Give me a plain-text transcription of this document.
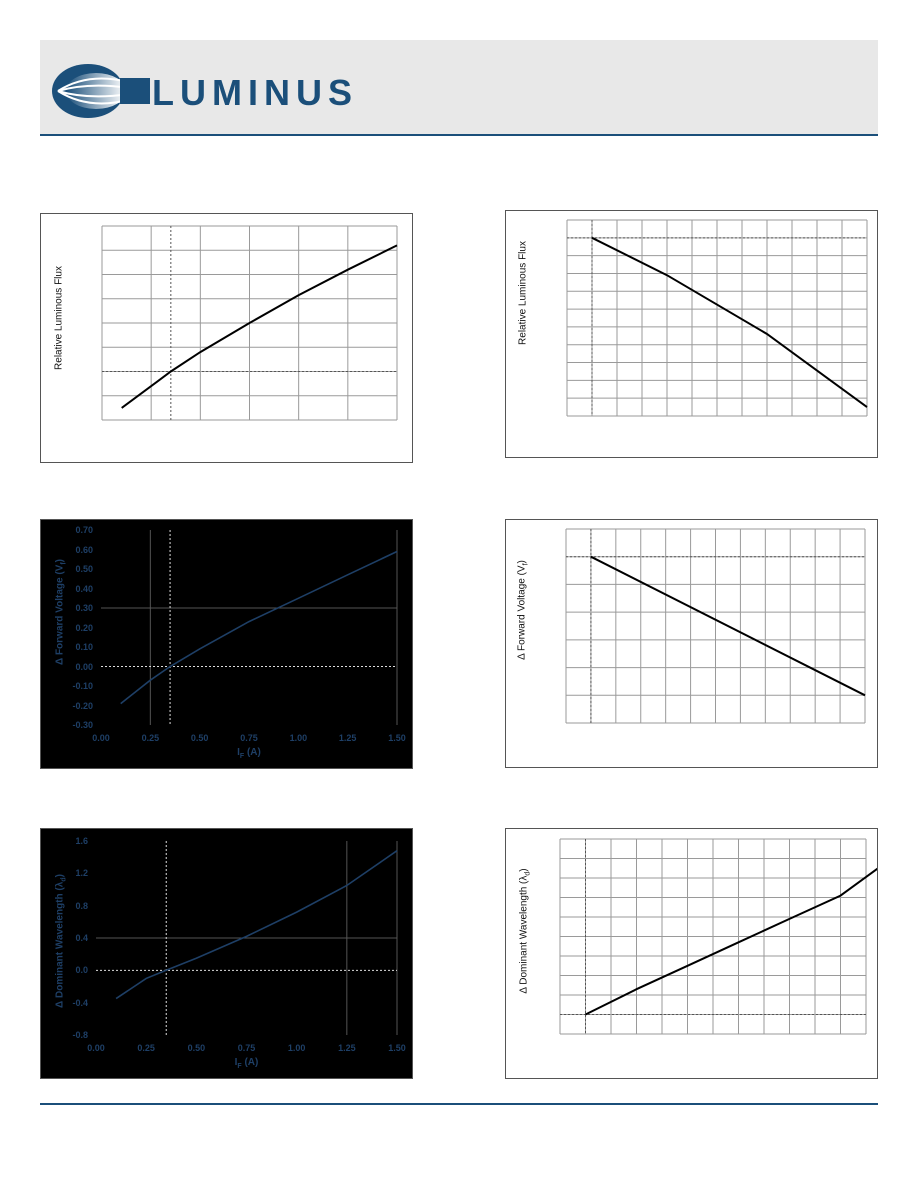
LUMINUS
Relative Luminous Flux	Relative Luminous Flux
-0.30
-0.20
-0.10
0.00
0.10
0.20
0.30
0.40
0.50
0.60
0.70
0.00	0.25	0.50	0.75	1.00	1.25	1.50
$I_F$ (A)
Δ Forward Voltage $(V_f)$
Δ Forward Voltage $(V_f)$
-0.8
-0.4
0.0
0.4
0.8
1.2
1.6
0.00	0.25	0.50	0.75	1.00	1.25	1.50
$I_F$ (A)
Δ Dominant Wavelength $(\lambda_d)$	Δ Dominant Wavelength $(\lambda_d)$
